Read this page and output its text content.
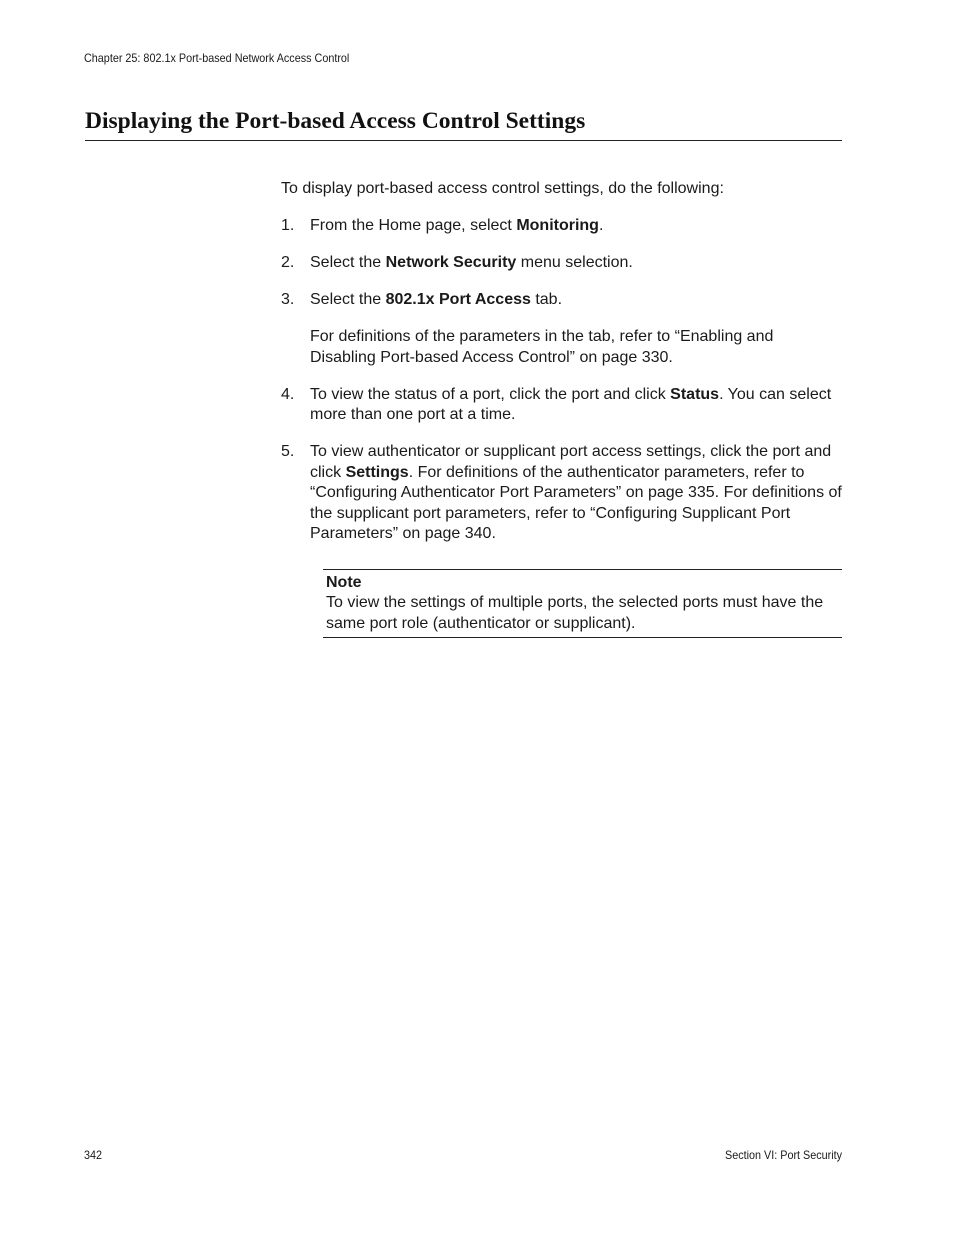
Chapter 25: 802.1x Port-based Network Access Control
Displaying the Port-based Access Control Settings

To display port-based access control settings, do the following:

1. From the Home page, select Monitoring.

2. Select the Network Security menu selection.

3. Select the 802.1x Port Access tab.

For definitions of the parameters in the tab, refer to “Enabling and Disabling Port-based Access Control” on page 330.

4. To view the status of a port, click the port and click Status. You can select more than one port at a time.

5. To view authenticator or supplicant port access settings, click the port and click Settings. For definitions of the authenticator parameters, refer to “Configuring Authenticator Port Parameters” on page 335. For definitions of the supplicant port parameters, refer to “Configuring Supplicant Port Parameters” on page 340.

Note

To view the settings of multiple ports, the selected ports must have the same port role (authenticator or supplicant).

342	Section VI: Port Security
